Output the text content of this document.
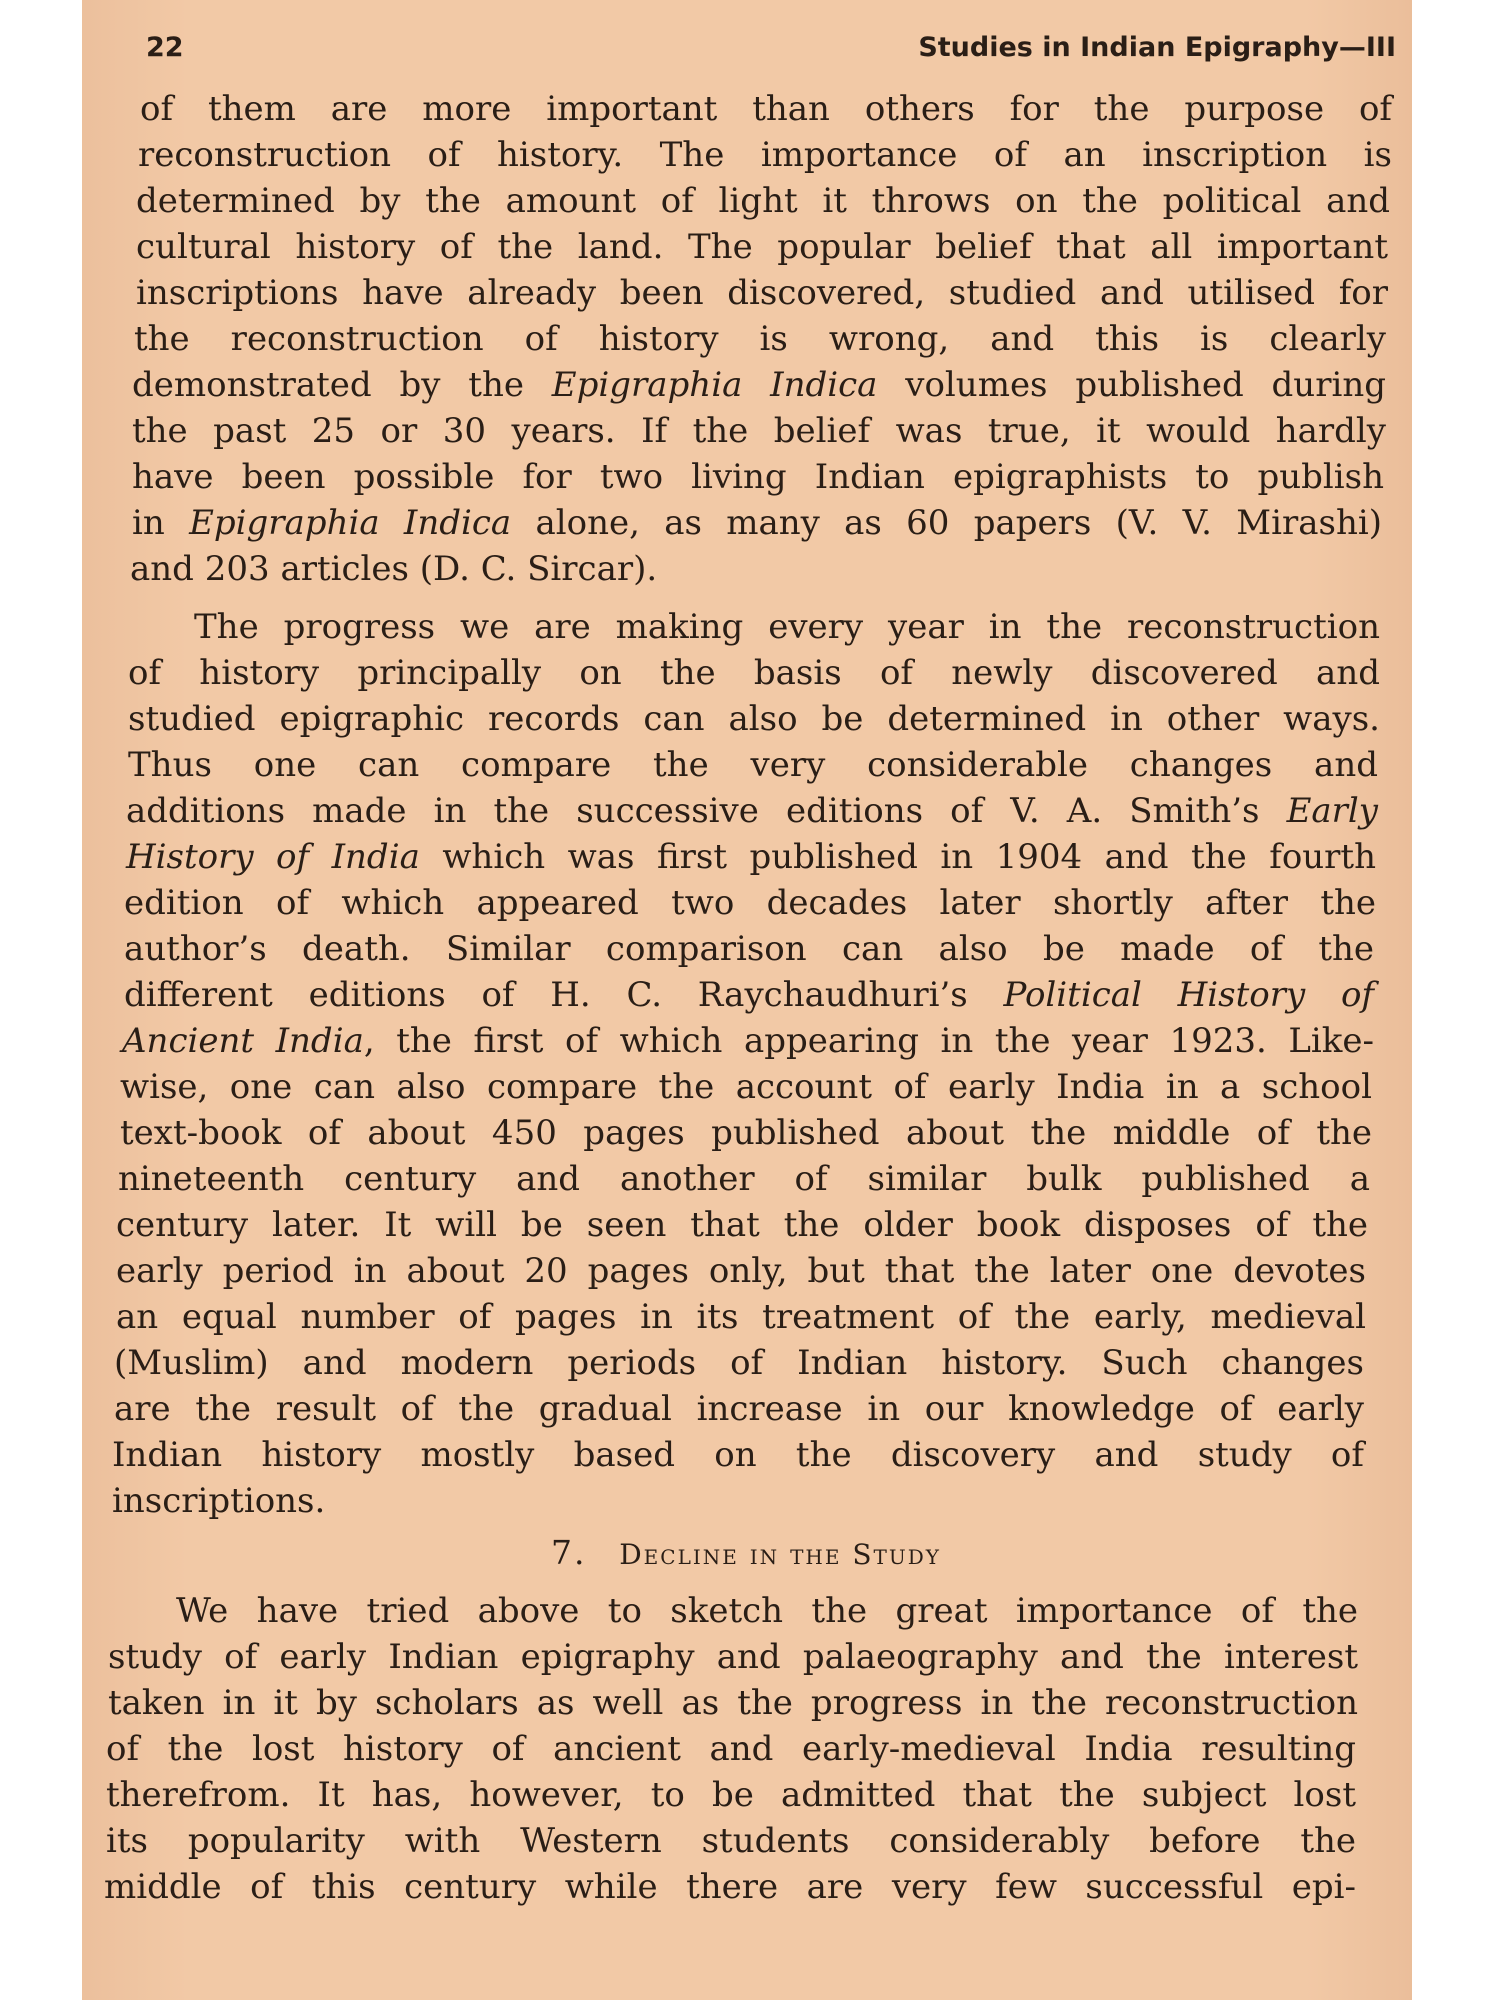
22	Studies in Indian Epigraphy—III
of them are more important than others for the purpose of
reconstruction of history. The importance of an inscription is
determined by the amount of light it throws on the political and
cultural history of the land. The popular belief that all important
inscriptions have already been discovered, studied and utilised for
the reconstruction of history is wrong, and this is clearly
demonstrated by the Epigraphia Indica volumes published during
the past 25 or 30 years. If the belief was true, it would hardly
have been possible for two living Indian epigraphists to publish
in Epigraphia Indica alone, as many as 60 papers (V. V. Mirashi)
and 203 articles (D. C. Sircar).
The progress we are making every year in the reconstruction
of history principally on the basis of newly discovered and
studied epigraphic records can also be determined in other ways.
Thus one can compare the very considerable changes and
additions made in the successive editions of V. A. Smith’s Early
History of India which was first published in 1904 and the fourth
edition of which appeared two decades later shortly after the
author’s death. Similar comparison can also be made of the
different editions of H. C. Raychaudhuri’s Political History of
Ancient India, the first of which appearing in the year 1923. Like-
wise, one can also compare the account of early India in a school
text-book of about 450 pages published about the middle of the
nineteenth century and another of similar bulk published a
century later. It will be seen that the older book disposes of the
early period in about 20 pages only, but that the later one devotes
an equal number of pages in its treatment of the early, medieval
(Muslim) and modern periods of Indian history. Such changes
are the result of the gradual increase in our knowledge of early
Indian history mostly based on the discovery and study of
inscriptions.
7. Decline in the Study
We have tried above to sketch the great importance of the
study of early Indian epigraphy and palaeography and the interest
taken in it by scholars as well as the progress in the reconstruction
of the lost history of ancient and early-medieval India resulting
therefrom. It has, however, to be admitted that the subject lost
its popularity with Western students considerably before the
middle of this century while there are very few successful epi-
